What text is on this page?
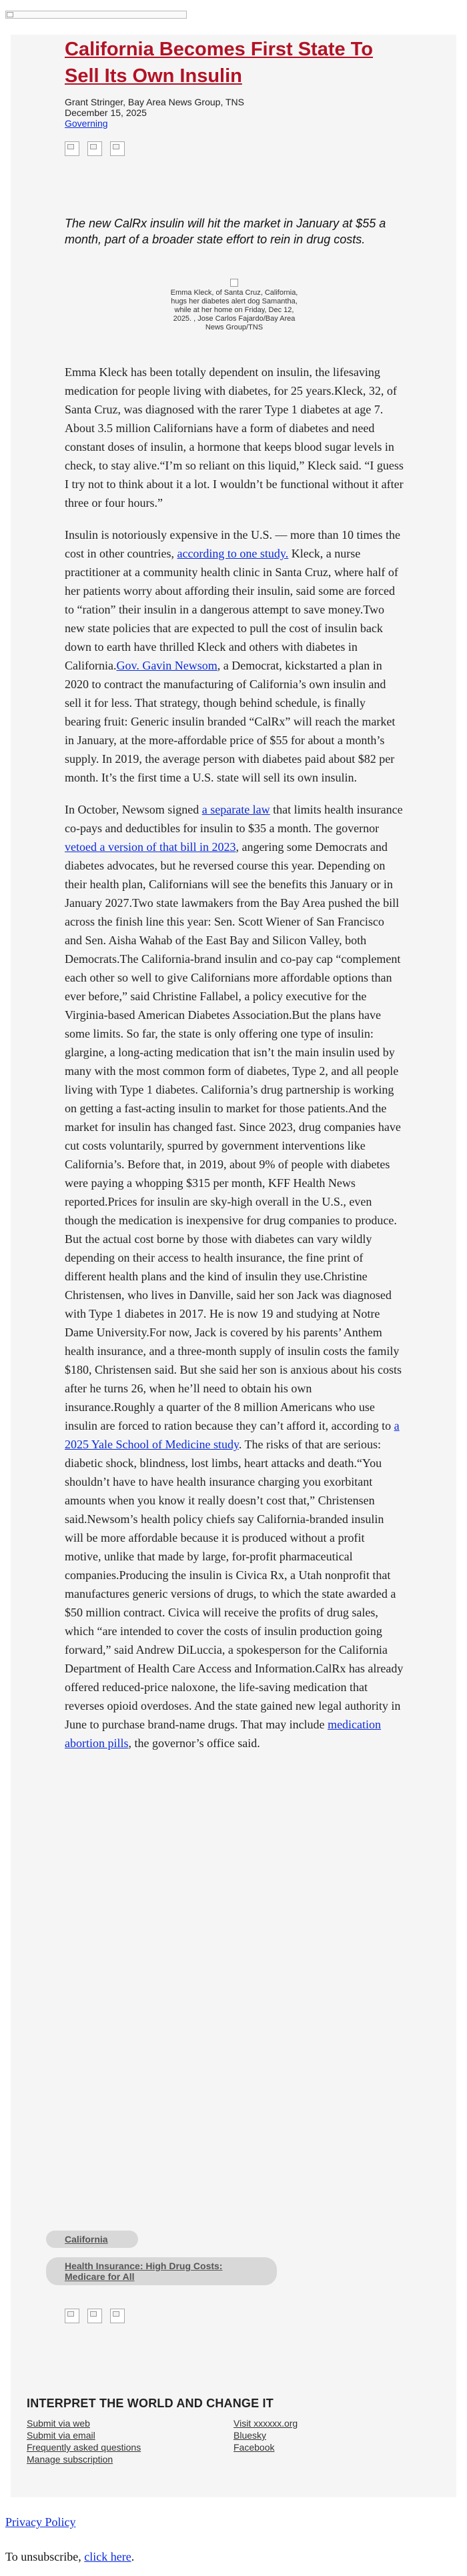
California Becomes First State To Sell Its Own Insulin
Grant Stringer, Bay Area News Group, TNS
December 15, 2025
Governing

The new CalRx insulin will hit the market in January at $55 a month, part of a broader state effort to rein in drug costs.

Emma Kleck, of Santa Cruz, California, hugs her diabetes alert dog Samantha, while at her home on Friday, Dec 12, 2025. , Jose Carlos Fajardo/Bay Area News Group/TNS

Emma Kleck has been totally dependent on insulin, the lifesaving medication for people living with diabetes, for 25 years.Kleck, 32, of Santa Cruz, was diagnosed with the rarer Type 1 diabetes at age 7. About 3.5 million Californians have a form of diabetes and need constant doses of insulin, a hormone that keeps blood sugar levels in check, to stay alive.“I’m so reliant on this liquid,” Kleck said. “I guess I try not to think about it a lot. I wouldn’t be functional without it after three or four hours.”

Insulin is notoriously expensive in the U.S. — more than 10 times the cost in other countries, according to one study. Kleck, a nurse practitioner at a community health clinic in Santa Cruz, where half of her patients worry about affording their insulin, said some are forced to “ration” their insulin in a dangerous attempt to save money.Two new state policies that are expected to pull the cost of insulin back down to earth have thrilled Kleck and others with diabetes in California.Gov. Gavin Newsom, a Democrat, kickstarted a plan in 2020 to contract the manufacturing of California’s own insulin and sell it for less. That strategy, though behind schedule, is finally bearing fruit: Generic insulin branded “CalRx” will reach the market in January, at the more-affordable price of $55 for about a month’s supply. In 2019, the average person with diabetes paid about $82 per month. It’s the first time a U.S. state will sell its own insulin.

In October, Newsom signed a separate law that limits health insurance co-pays and deductibles for insulin to $35 a month. The governor vetoed a version of that bill in 2023, angering some Democrats and diabetes advocates, but he reversed course this year. Depending on their health plan, Californians will see the benefits this January or in January 2027.Two state lawmakers from the Bay Area pushed the bill across the finish line this year: Sen. Scott Wiener of San Francisco and Sen. Aisha Wahab of the East Bay and Silicon Valley, both Democrats.The California-brand insulin and co-pay cap “complement each other so well to give Californians more affordable options than ever before,” said Christine Fallabel, a policy executive for the Virginia-based American Diabetes Association.But the plans have some limits. So far, the state is only offering one type of insulin: glargine, a long-acting medication that isn’t the main insulin used by many with the most common form of diabetes, Type 2, and all people living with Type 1 diabetes. California’s drug partnership is working on getting a fast-acting insulin to market for those patients.And the market for insulin has changed fast. Since 2023, drug companies have cut costs voluntarily, spurred by government interventions like California’s. Before that, in 2019, about 9% of people with diabetes were paying a whopping $315 per month, KFF Health News reported.Prices for insulin are sky-high overall in the U.S., even though the medication is inexpensive for drug companies to produce. But the actual cost borne by those with diabetes can vary wildly depending on their access to health insurance, the fine print of different health plans and the kind of insulin they use.Christine Christensen, who lives in Danville, said her son Jack was diagnosed with Type 1 diabetes in 2017. He is now 19 and studying at Notre Dame University.For now, Jack is covered by his parents’ Anthem health insurance, and a three-month supply of insulin costs the family $180, Christensen said. But she said her son is anxious about his costs after he turns 26, when he’ll need to obtain his own insurance.Roughly a quarter of the 8 million Americans who use insulin are forced to ration because they can’t afford it, according to a 2025 Yale School of Medicine study. The risks of that are serious: diabetic shock, blindness, lost limbs, heart attacks and death.“You shouldn’t have to have health insurance charging you exorbitant amounts when you know it really doesn’t cost that,” Christensen said.Newsom’s health policy chiefs say California-branded insulin will be more affordable because it is produced without a profit motive, unlike that made by large, for-profit pharmaceutical companies.Producing the insulin is Civica Rx, a Utah nonprofit that manufactures generic versions of drugs, to which the state awarded a $50 million contract. Civica will receive the profits of drug sales, which “are intended to cover the costs of insulin production going forward,” said Andrew DiLuccia, a spokesperson for the California Department of Health Care Access and Information.CalRx has already offered reduced-price naloxone, the life-saving medication that reverses opioid overdoses. And the state gained new legal authority in June to purchase brand-name drugs. That may include medication abortion pills, the governor’s office said.

California
Health Insurance: High Drug Costs: Medicare for All
INTERPRET THE WORLD AND CHANGE IT
Submit via web
Submit via email
Frequently asked questions
Manage subscription
Visit xxxxxx.org
Bluesky
Facebook
Privacy Policy
To unsubscribe, click here.
